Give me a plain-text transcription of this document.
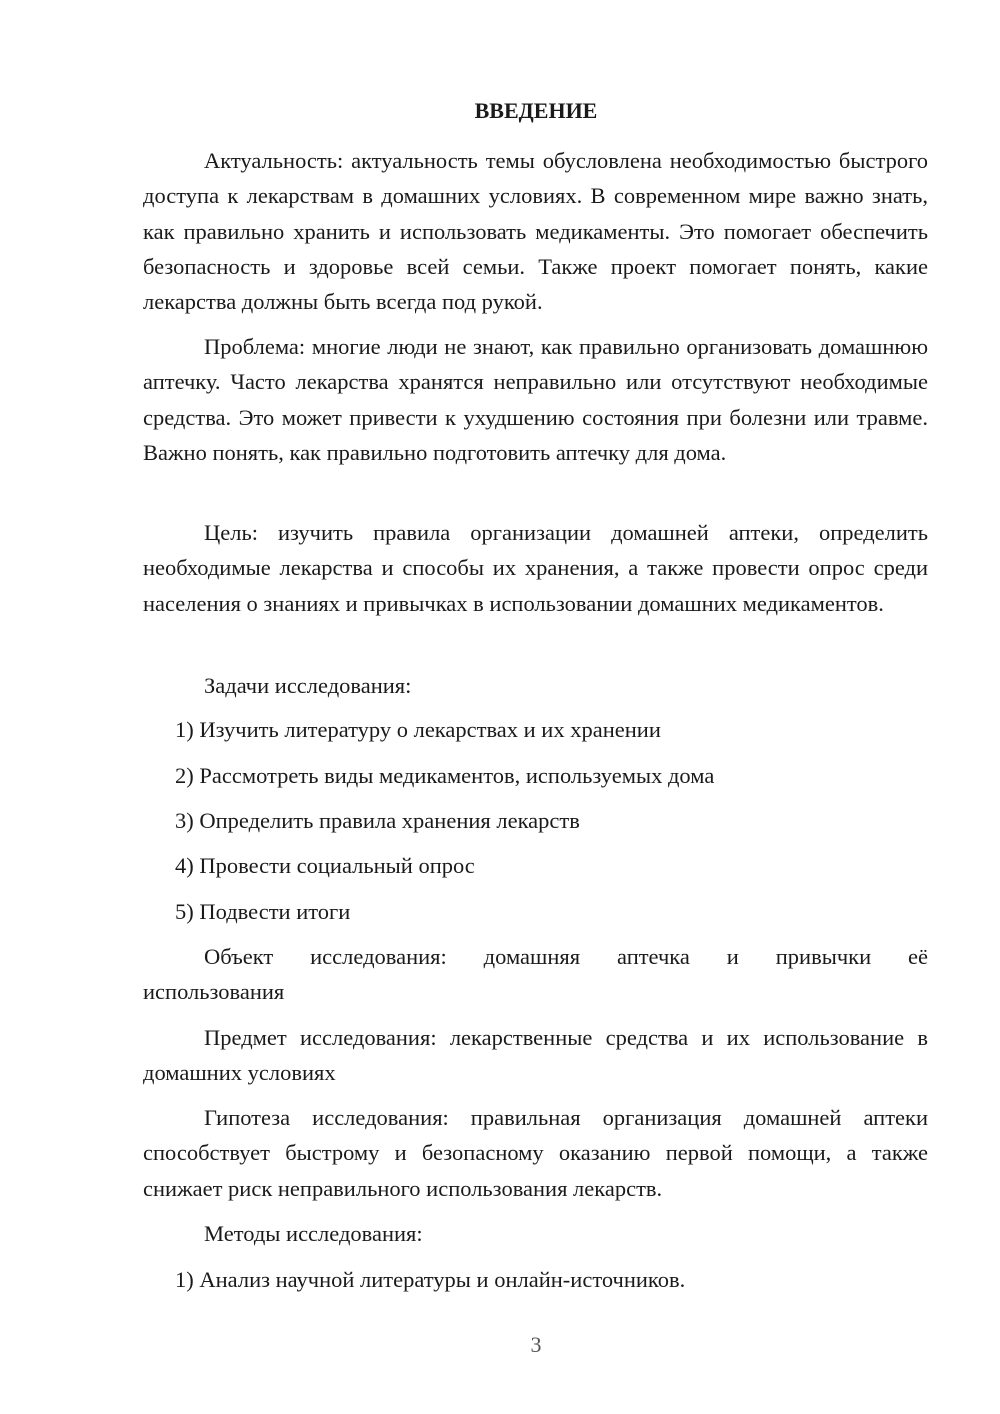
ВВЕДЕНИЕ

Актуальность: актуальность темы обусловлена необходимостью быстрого доступа к лекарствам в домашних условиях. В современном мире важно знать, как правильно хранить и использовать медикаменты. Это помогает обеспечить безопасность и здоровье всей семьи. Также проект помогает понять, какие лекарства должны быть всегда под рукой.

Проблема: многие люди не знают, как правильно организовать домашнюю аптечку. Часто лекарства хранятся неправильно или отсутствуют необходимые средства. Это может привести к ухудшению состояния при болезни или травме. Важно понять, как правильно подготовить аптечку для дома.

Цель: изучить правила организации домашней аптеки, определить необходимые лекарства и способы их хранения, а также провести опрос среди населения о знаниях и привычках в использовании домашних медикаментов.

Задачи исследования:

1) Изучить литературу о лекарствах и их хранении

2) Рассмотреть виды медикаментов, используемых дома

3) Определить правила хранения лекарств

4) Провести социальный опрос

5) Подвести итоги

Объект исследования: домашняя аптечка и привычки её использования

Предмет исследования: лекарственные средства и их использование в домашних условиях

Гипотеза исследования: правильная организация домашней аптеки способствует быстрому и безопасному оказанию первой помощи, а также снижает риск неправильного использования лекарств.

Методы исследования:

1) Анализ научной литературы и онлайн-источников.

3
